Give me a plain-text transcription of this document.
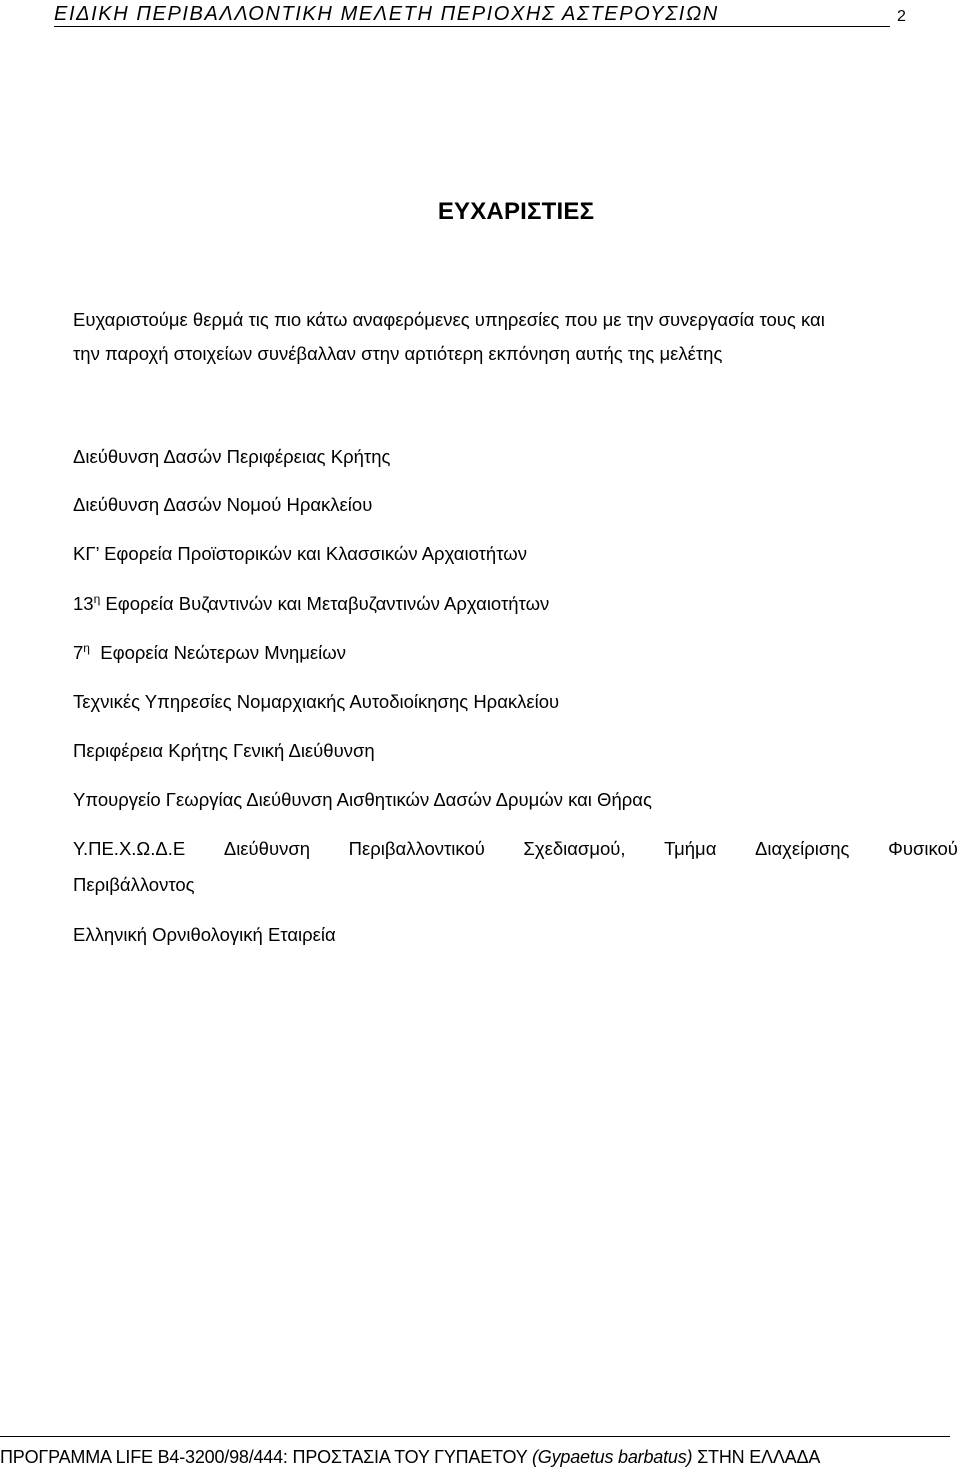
ΕΙΔΙΚΗ ΠΕΡΙΒΑΛΛΟΝΤΙΚΗ ΜΕΛΕΤΗ ΠΕΡΙΟΧΗΣ ΑΣΤΕΡΟΥΣΙΩΝ	2
ΕΥΧΑΡΙΣΤΙΕΣ
Ευχαριστούμε θερμά τις πιο κάτω αναφερόμενες υπηρεσίες που με την συνεργασία τους και
την παροχή στοιχείων συνέβαλλαν στην αρτιότερη εκπόνηση αυτής της μελέτης
Διεύθυνση Δασών Περιφέρειας Κρήτης
Διεύθυνση Δασών Νομού Ηρακλείου
ΚΓ’ Εφορεία Προϊστορικών και Κλασσικών Αρχαιοτήτων
$13^\eta$ Εφορεία Βυζαντινών και Μεταβυζαντινών Αρχαιοτήτων
$7^\eta$  Εφορεία Νεώτερων Μνημείων
Τεχνικές Υπηρεσίες Νομαρχιακής Αυτοδιοίκησης Ηρακλείου
Περιφέρεια Κρήτης Γενική Διεύθυνση
Υπουργείο Γεωργίας Διεύθυνση Αισθητικών Δασών Δρυμών και Θήρας
Υ.ΠΕ.Χ.Ω.Δ.Ε Διεύθυνση Περιβαλλοντικού Σχεδιασμού, Τμήμα Διαχείρισης Φυσικού
Περιβάλλοντος
Ελληνική Ορνιθολογική Εταιρεία
ΠΡΟΓΡΑΜΜΑ LIFE B4-3200/98/444: ΠΡΟΣΤΑΣΙΑ ΤΟΥ ΓΥΠΑΕΤΟΥ (Gypaetus barbatus) ΣΤΗΝ ΕΛΛΑΔΑ
